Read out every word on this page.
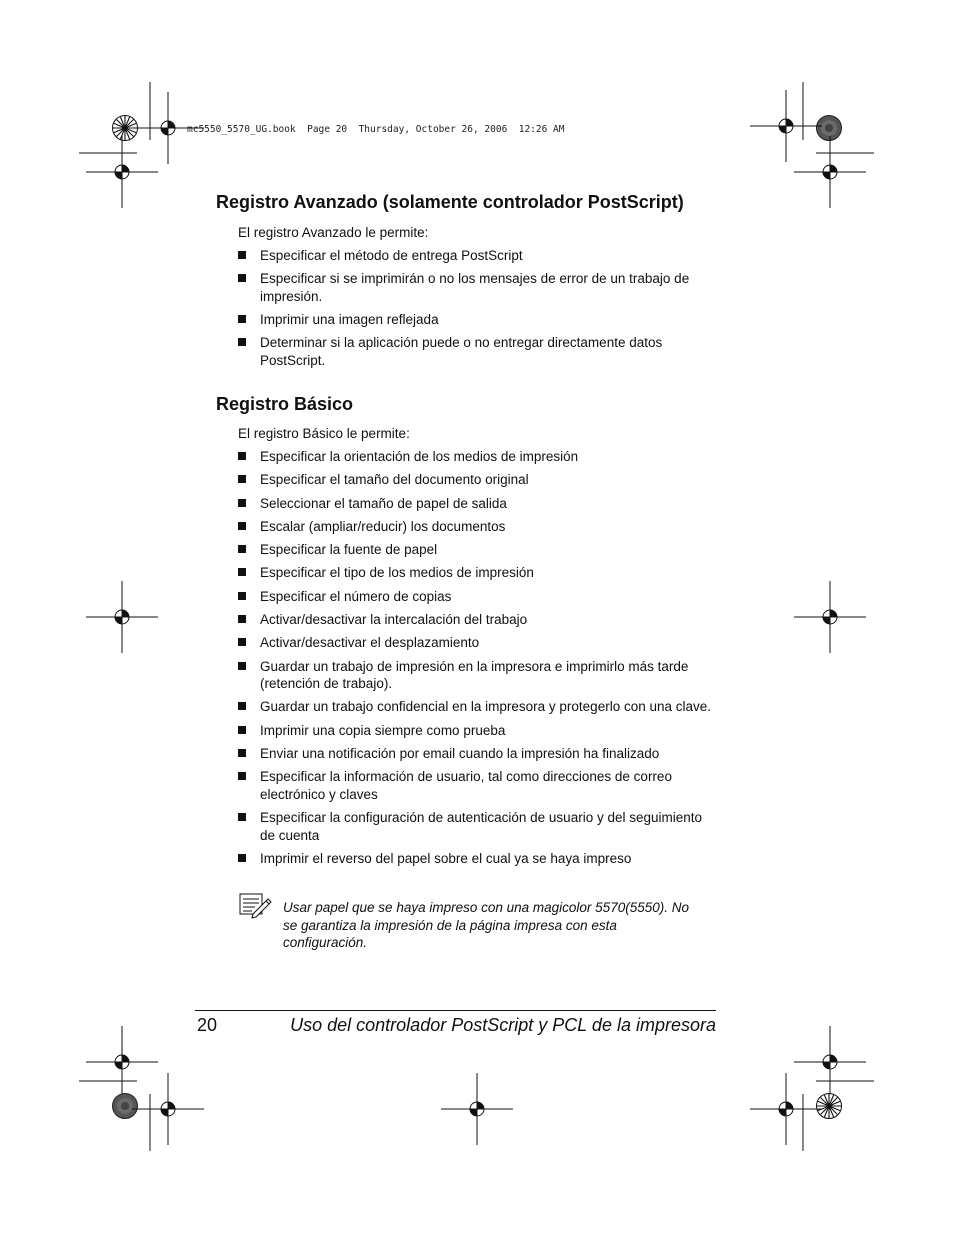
mc5550_5570_UG.book  Page 20  Thursday, October 26, 2006  12:26 AM
Registro Avanzado (solamente controlador PostScript)

El registro Avanzado le permite:

Especificar el método de entrega PostScript
Especificar si se imprimirán o no los mensajes de error de un trabajo de impresión.
Imprimir una imagen reflejada
Determinar si la aplicación puede o no entregar directamente datos PostScript.
Registro Básico

El registro Básico le permite:

Especificar la orientación de los medios de impresión
Especificar el tamaño del documento original
Seleccionar el tamaño de papel de salida
Escalar (ampliar/reducir) los documentos
Especificar la fuente de papel
Especificar el tipo de los medios de impresión
Especificar el número de copias
Activar/desactivar la intercalación del trabajo
Activar/desactivar el desplazamiento
Guardar un trabajo de impresión en la impresora e imprimirlo más tarde (retención de trabajo).
Guardar un trabajo confidencial en la impresora y protegerlo con una clave.
Imprimir una copia siempre como prueba
Enviar una notificación por email cuando la impresión ha finalizado
Especificar la información de usuario, tal como direcciones de correo electrónico y claves
Especificar la configuración de autenticación de usuario y del seguimiento de cuenta
Imprimir el reverso del papel sobre el cual ya se haya impreso

Usar papel que se haya impreso con una magicolor 5570(5550). No se garantiza la impresión de la página impresa con esta configuración.

20	Uso del controlador PostScript y PCL de la impresora
